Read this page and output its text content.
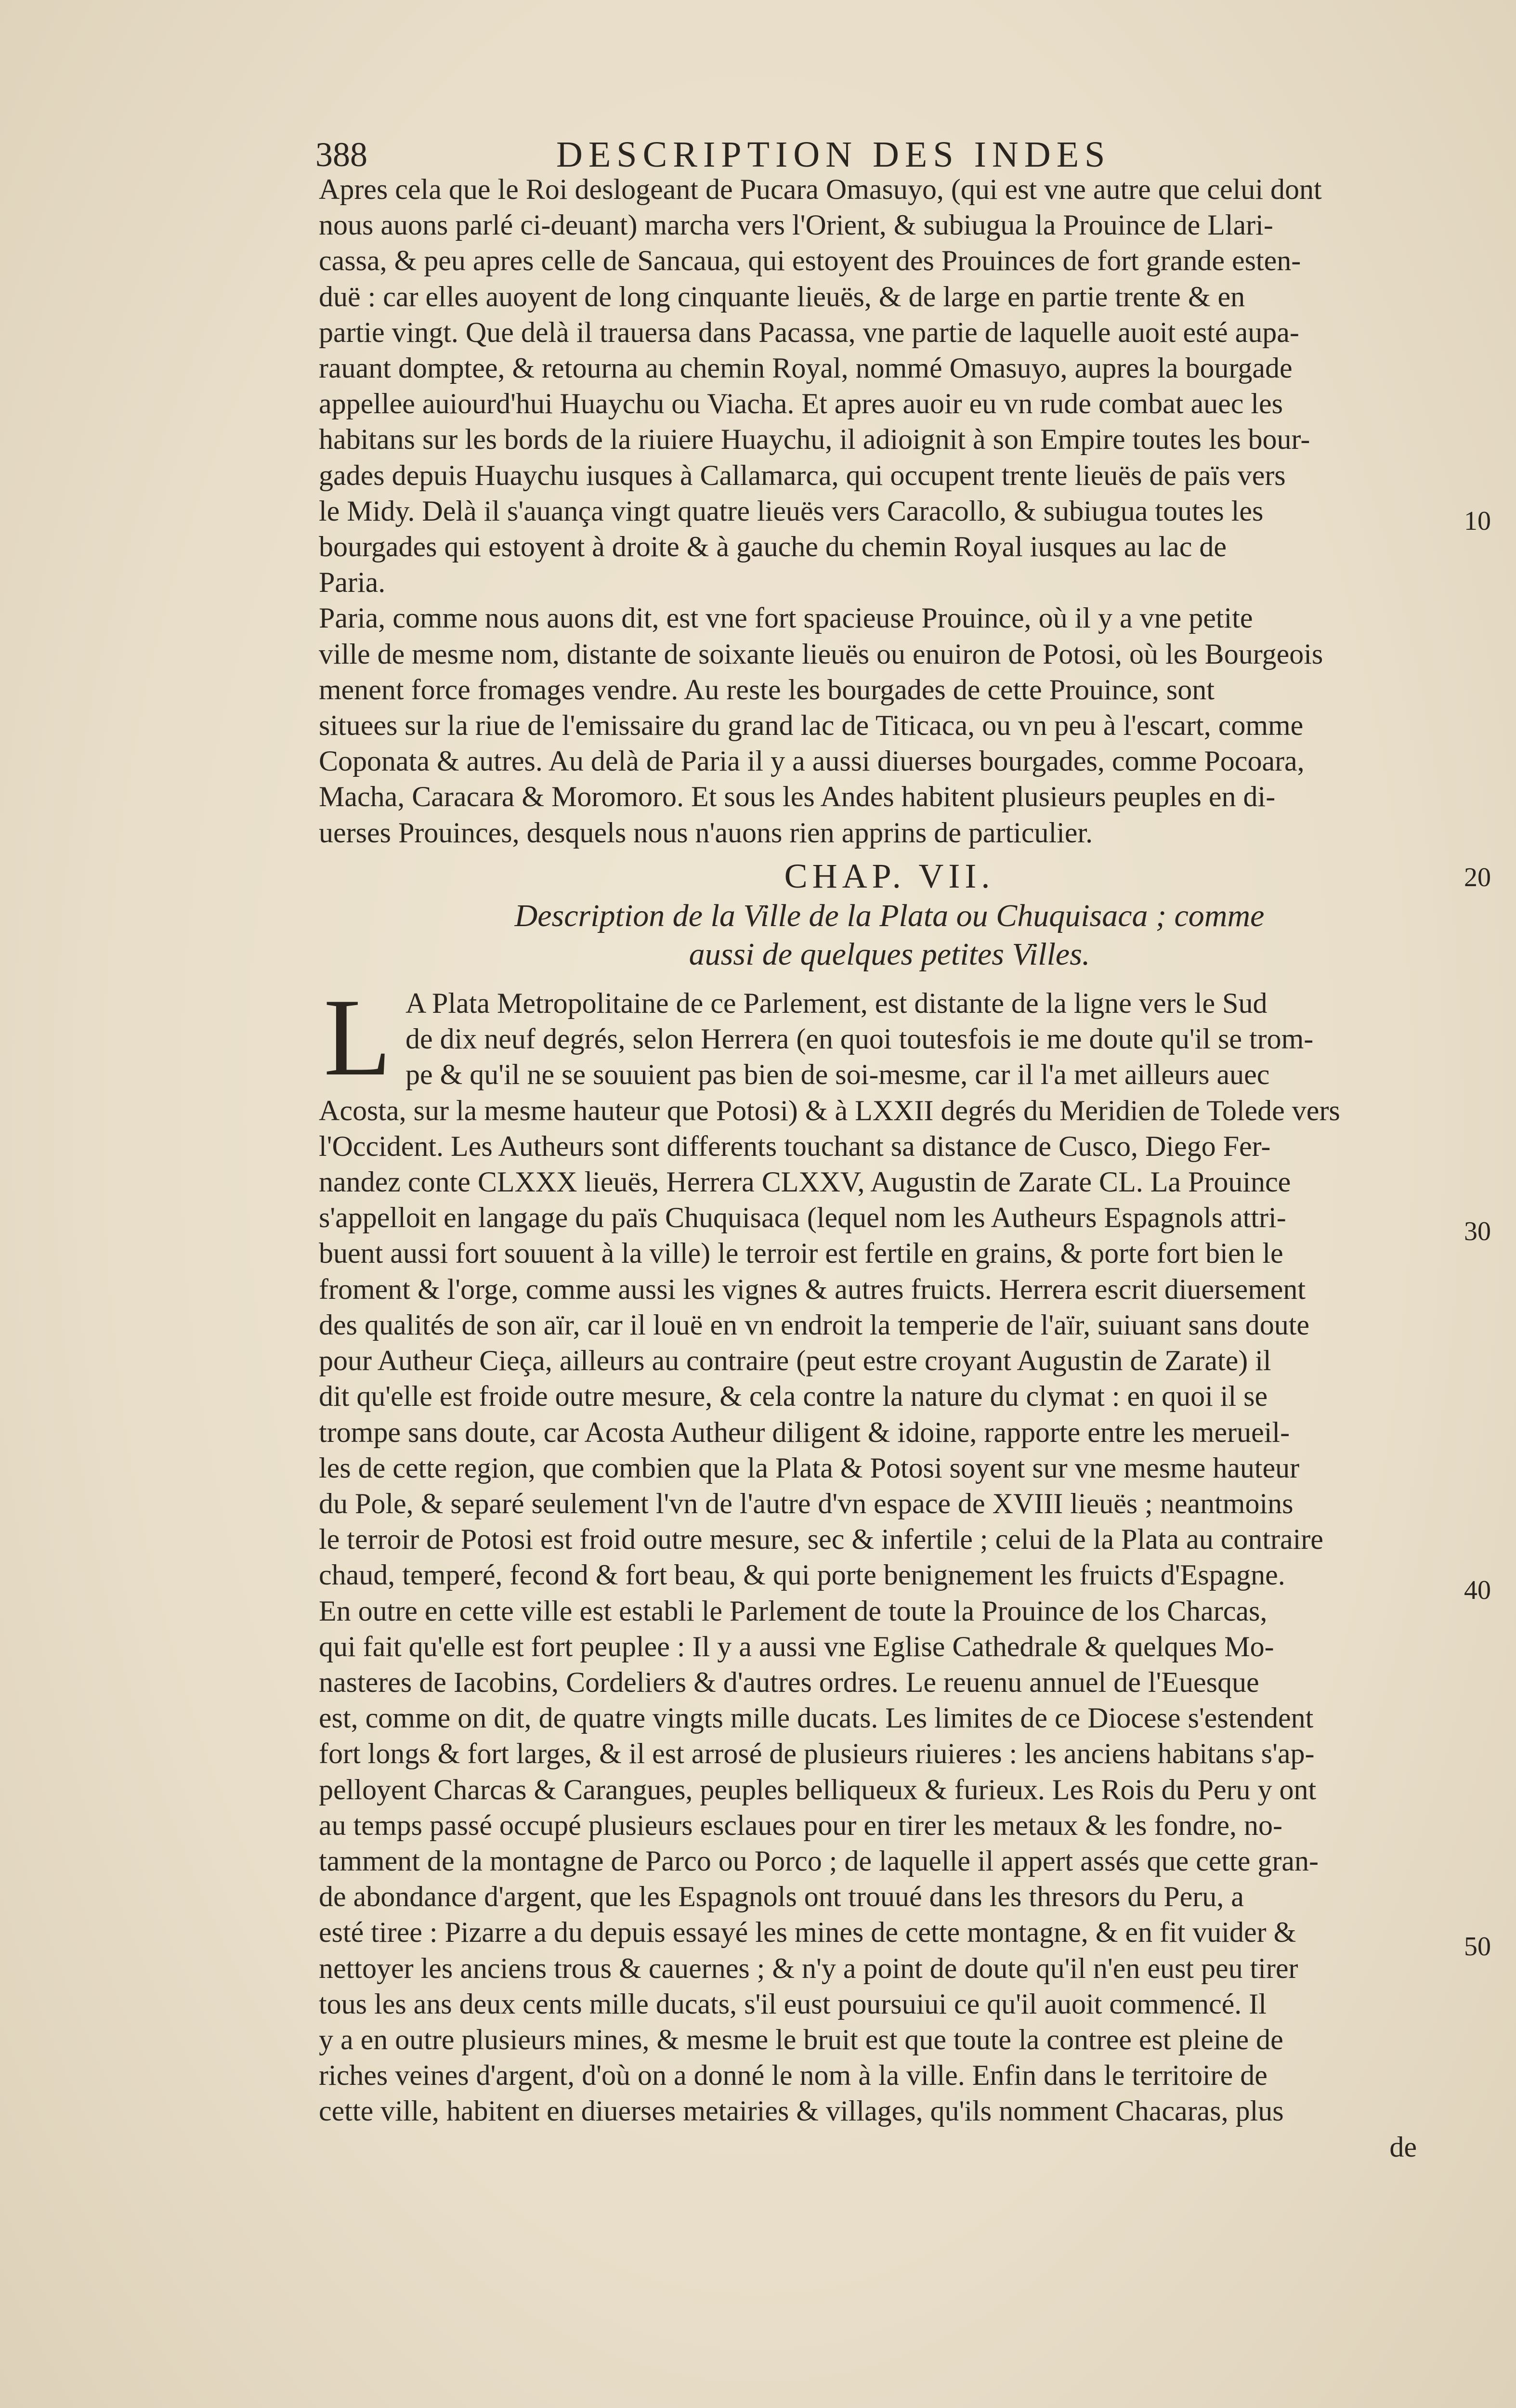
388	DESCRIPTION DES INDES
Apres cela que le Roi deslogeant de Pucara Omasuyo, (qui est vne autre que celui dont
nous auons parlé ci-deuant) marcha vers l'Orient, & subiugua la Prouince de Llari-
cassa, & peu apres celle de Sancaua, qui estoyent des Prouinces de fort grande esten-
duë : car elles auoyent de long cinquante lieuës, & de large en partie trente & en
partie vingt. Que delà il trauersa dans Pacassa, vne partie de laquelle auoit esté aupa-
rauant domptee, & retourna au chemin Royal, nommé Omasuyo, aupres la bourgade
appellee auiourd'hui Huaychu ou Viacha. Et apres auoir eu vn rude combat auec les
habitans sur les bords de la riuiere Huaychu, il adioignit à son Empire toutes les bour-
gades depuis Huaychu iusques à Callamarca, qui occupent trente lieuës de païs vers
le Midy. Delà il s'auança vingt quatre lieuës vers Caracollo, & subiugua toutes les
bourgades qui estoyent à droite & à gauche du chemin Royal iusques au lac de
Paria.
Paria, comme nous auons dit, est vne fort spacieuse Prouince, où il y a vne petite
ville de mesme nom, distante de soixante lieuës ou enuiron de Potosi, où les Bourgeois
menent force fromages vendre. Au reste les bourgades de cette Prouince, sont
situees sur la riue de l'emissaire du grand lac de Titicaca, ou vn peu à l'escart, comme
Coponata & autres. Au delà de Paria il y a aussi diuerses bourgades, comme Pocoara,
Macha, Caracara & Moromoro. Et sous les Andes habitent plusieurs peuples en di-
uerses Prouinces, desquels nous n'auons rien apprins de particulier.
CHAP. VII.
Description de la Ville de la Plata ou Chuquisaca ; comme
aussi de quelques petites Villes.
L A Plata Metropolitaine de ce Parlement, est distante de la ligne vers le Sud
de dix neuf degrés, selon Herrera (en quoi toutesfois ie me doute qu'il se trom-
pe & qu'il ne se souuient pas bien de soi-mesme, car il l'a met ailleurs auec
Acosta, sur la mesme hauteur que Potosi) & à LXXII degrés du Meridien de Tolede vers
l'Occident. Les Autheurs sont differents touchant sa distance de Cusco, Diego Fer-
nandez conte CLXXX lieuës, Herrera CLXXV, Augustin de Zarate CL. La Prouince
s'appelloit en langage du païs Chuquisaca (lequel nom les Autheurs Espagnols attri-
buent aussi fort souuent à la ville) le terroir est fertile en grains, & porte fort bien le
froment & l'orge, comme aussi les vignes & autres fruicts. Herrera escrit diuersement
des qualités de son aïr, car il louë en vn endroit la temperie de l'aïr, suiuant sans doute
pour Autheur Cieça, ailleurs au contraire (peut estre croyant Augustin de Zarate) il
dit qu'elle est froide outre mesure, & cela contre la nature du clymat : en quoi il se
trompe sans doute, car Acosta Autheur diligent & idoine, rapporte entre les merueil-
les de cette region, que combien que la Plata & Potosi soyent sur vne mesme hauteur
du Pole, & separé seulement l'vn de l'autre d'vn espace de XVIII lieuës ; neantmoins
le terroir de Potosi est froid outre mesure, sec & infertile ; celui de la Plata au contraire
chaud, temperé, fecond & fort beau, & qui porte benignement les fruicts d'Espagne.
En outre en cette ville est establi le Parlement de toute la Prouince de los Charcas,
qui fait qu'elle est fort peuplee : Il y a aussi vne Eglise Cathedrale & quelques Mo-
nasteres de Iacobins, Cordeliers & d'autres ordres. Le reuenu annuel de l'Euesque
est, comme on dit, de quatre vingts mille ducats. Les limites de ce Diocese s'estendent
fort longs & fort larges, & il est arrosé de plusieurs riuieres : les anciens habitans s'ap-
pelloyent Charcas & Carangues, peuples belliqueux & furieux. Les Rois du Peru y ont
au temps passé occupé plusieurs esclaues pour en tirer les metaux & les fondre, no-
tamment de la montagne de Parco ou Porco ; de laquelle il appert assés que cette gran-
de abondance d'argent, que les Espagnols ont trouué dans les thresors du Peru, a
esté tiree : Pizarre a du depuis essayé les mines de cette montagne, & en fit vuider &
nettoyer les anciens trous & cauernes ; & n'y a point de doute qu'il n'en eust peu tirer
tous les ans deux cents mille ducats, s'il eust poursuiui ce qu'il auoit commencé. Il
y a en outre plusieurs mines, & mesme le bruit est que toute la contree est pleine de
riches veines d'argent, d'où on a donné le nom à la ville. Enfin dans le territoire de
cette ville, habitent en diuerses metairies & villages, qu'ils nomment Chacaras, plus
de
10
20
30
40
50
